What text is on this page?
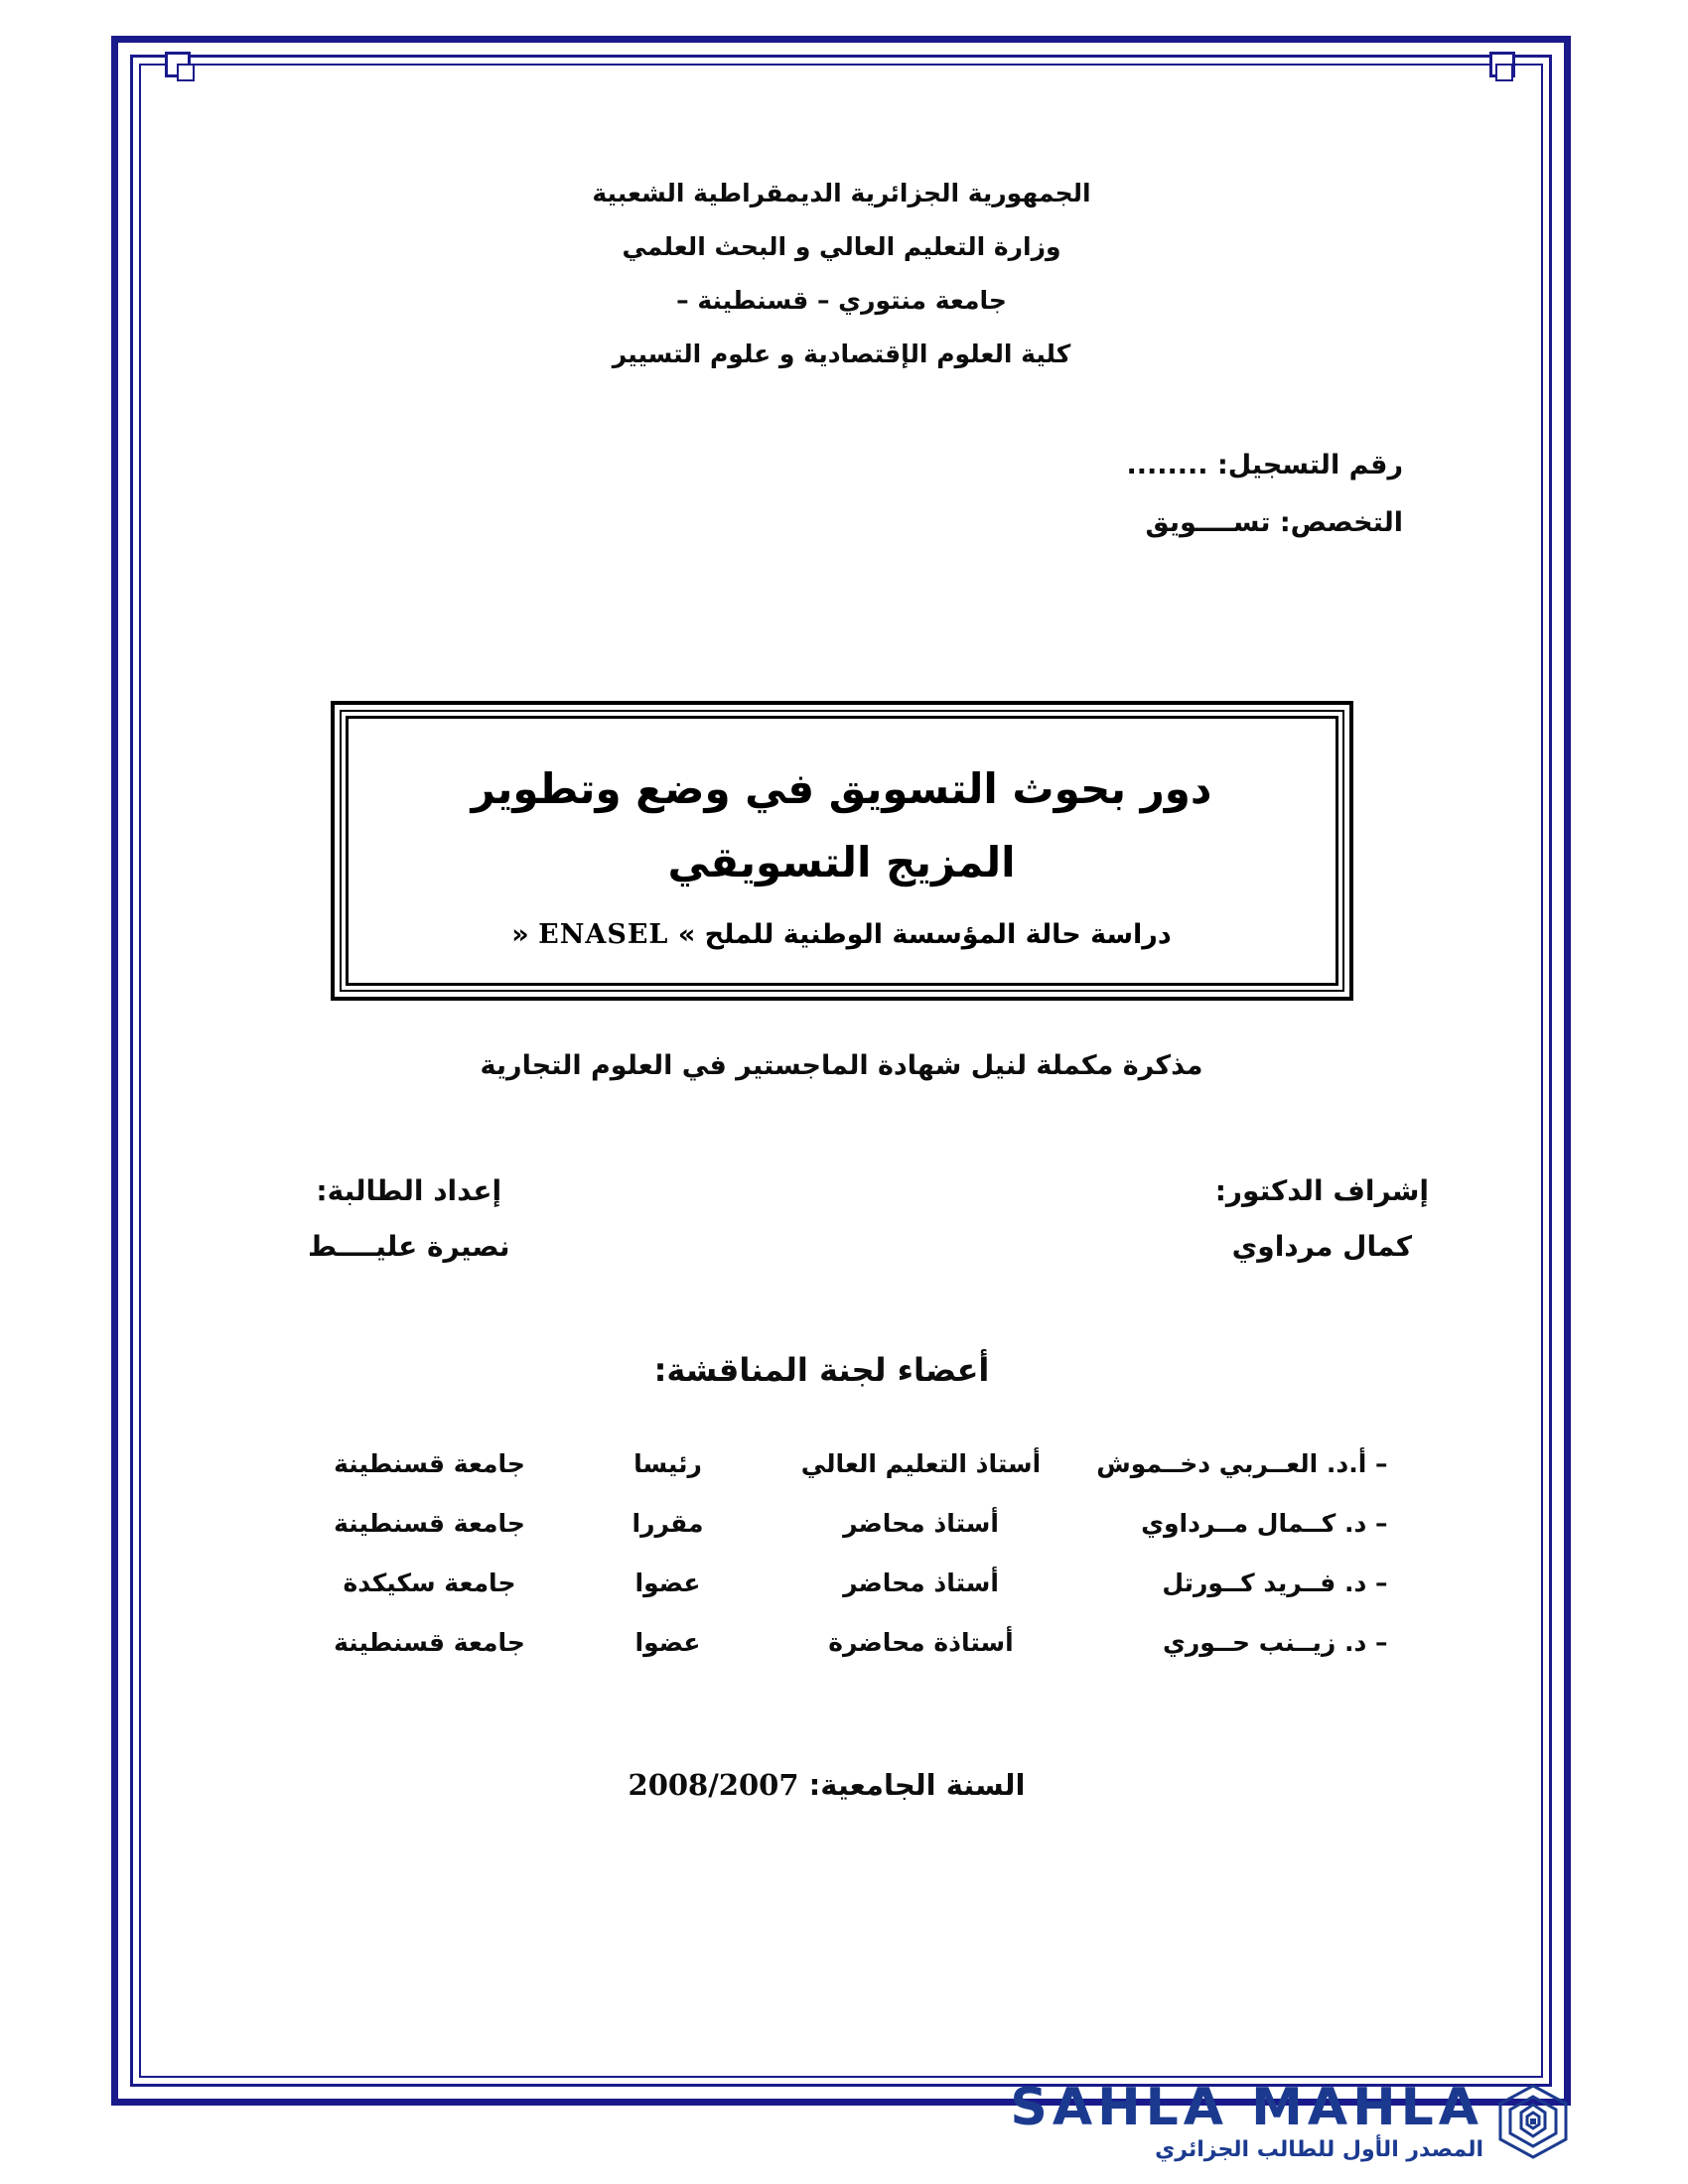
الجمهورية الجزائرية الديمقراطية الشعبية
وزارة التعليم العالي و البحث العلمي
جامعة منتوري – قسنطينة –
كلية العلوم الإقتصادية و علوم التسيير
رقم التسجيل: ........
التخصص: تســــويق
دور بحوث التسويق في وضع وتطوير
المزيج التسويقي
دراسة حالة المؤسسة الوطنية للملح » ENASEL «
مذكرة مكملة لنيل شهادة الماجستير في العلوم التجارية
إشراف الدكتور:
كمال مرداوي
إعداد الطالبة:
نصيرة عليــــط
أعضاء لجنة المناقشة:
– أ.د. العــربي دخــموش	أستاذ التعليم العالي	رئيسا	جامعة قسنطينة
– د. كــمال مــرداوي	أستاذ محاضر	مقررا	جامعة قسنطينة
– د. فــريد كــورتل	أستاذ محاضر	عضوا	جامعة سكيكدة
– د. زيــنب حــوري	أستاذة محاضرة	عضوا	جامعة قسنطينة
السنة الجامعية: 2008/2007
SAHLA MAHLA
المصدر الأول للطالب الجزائري
